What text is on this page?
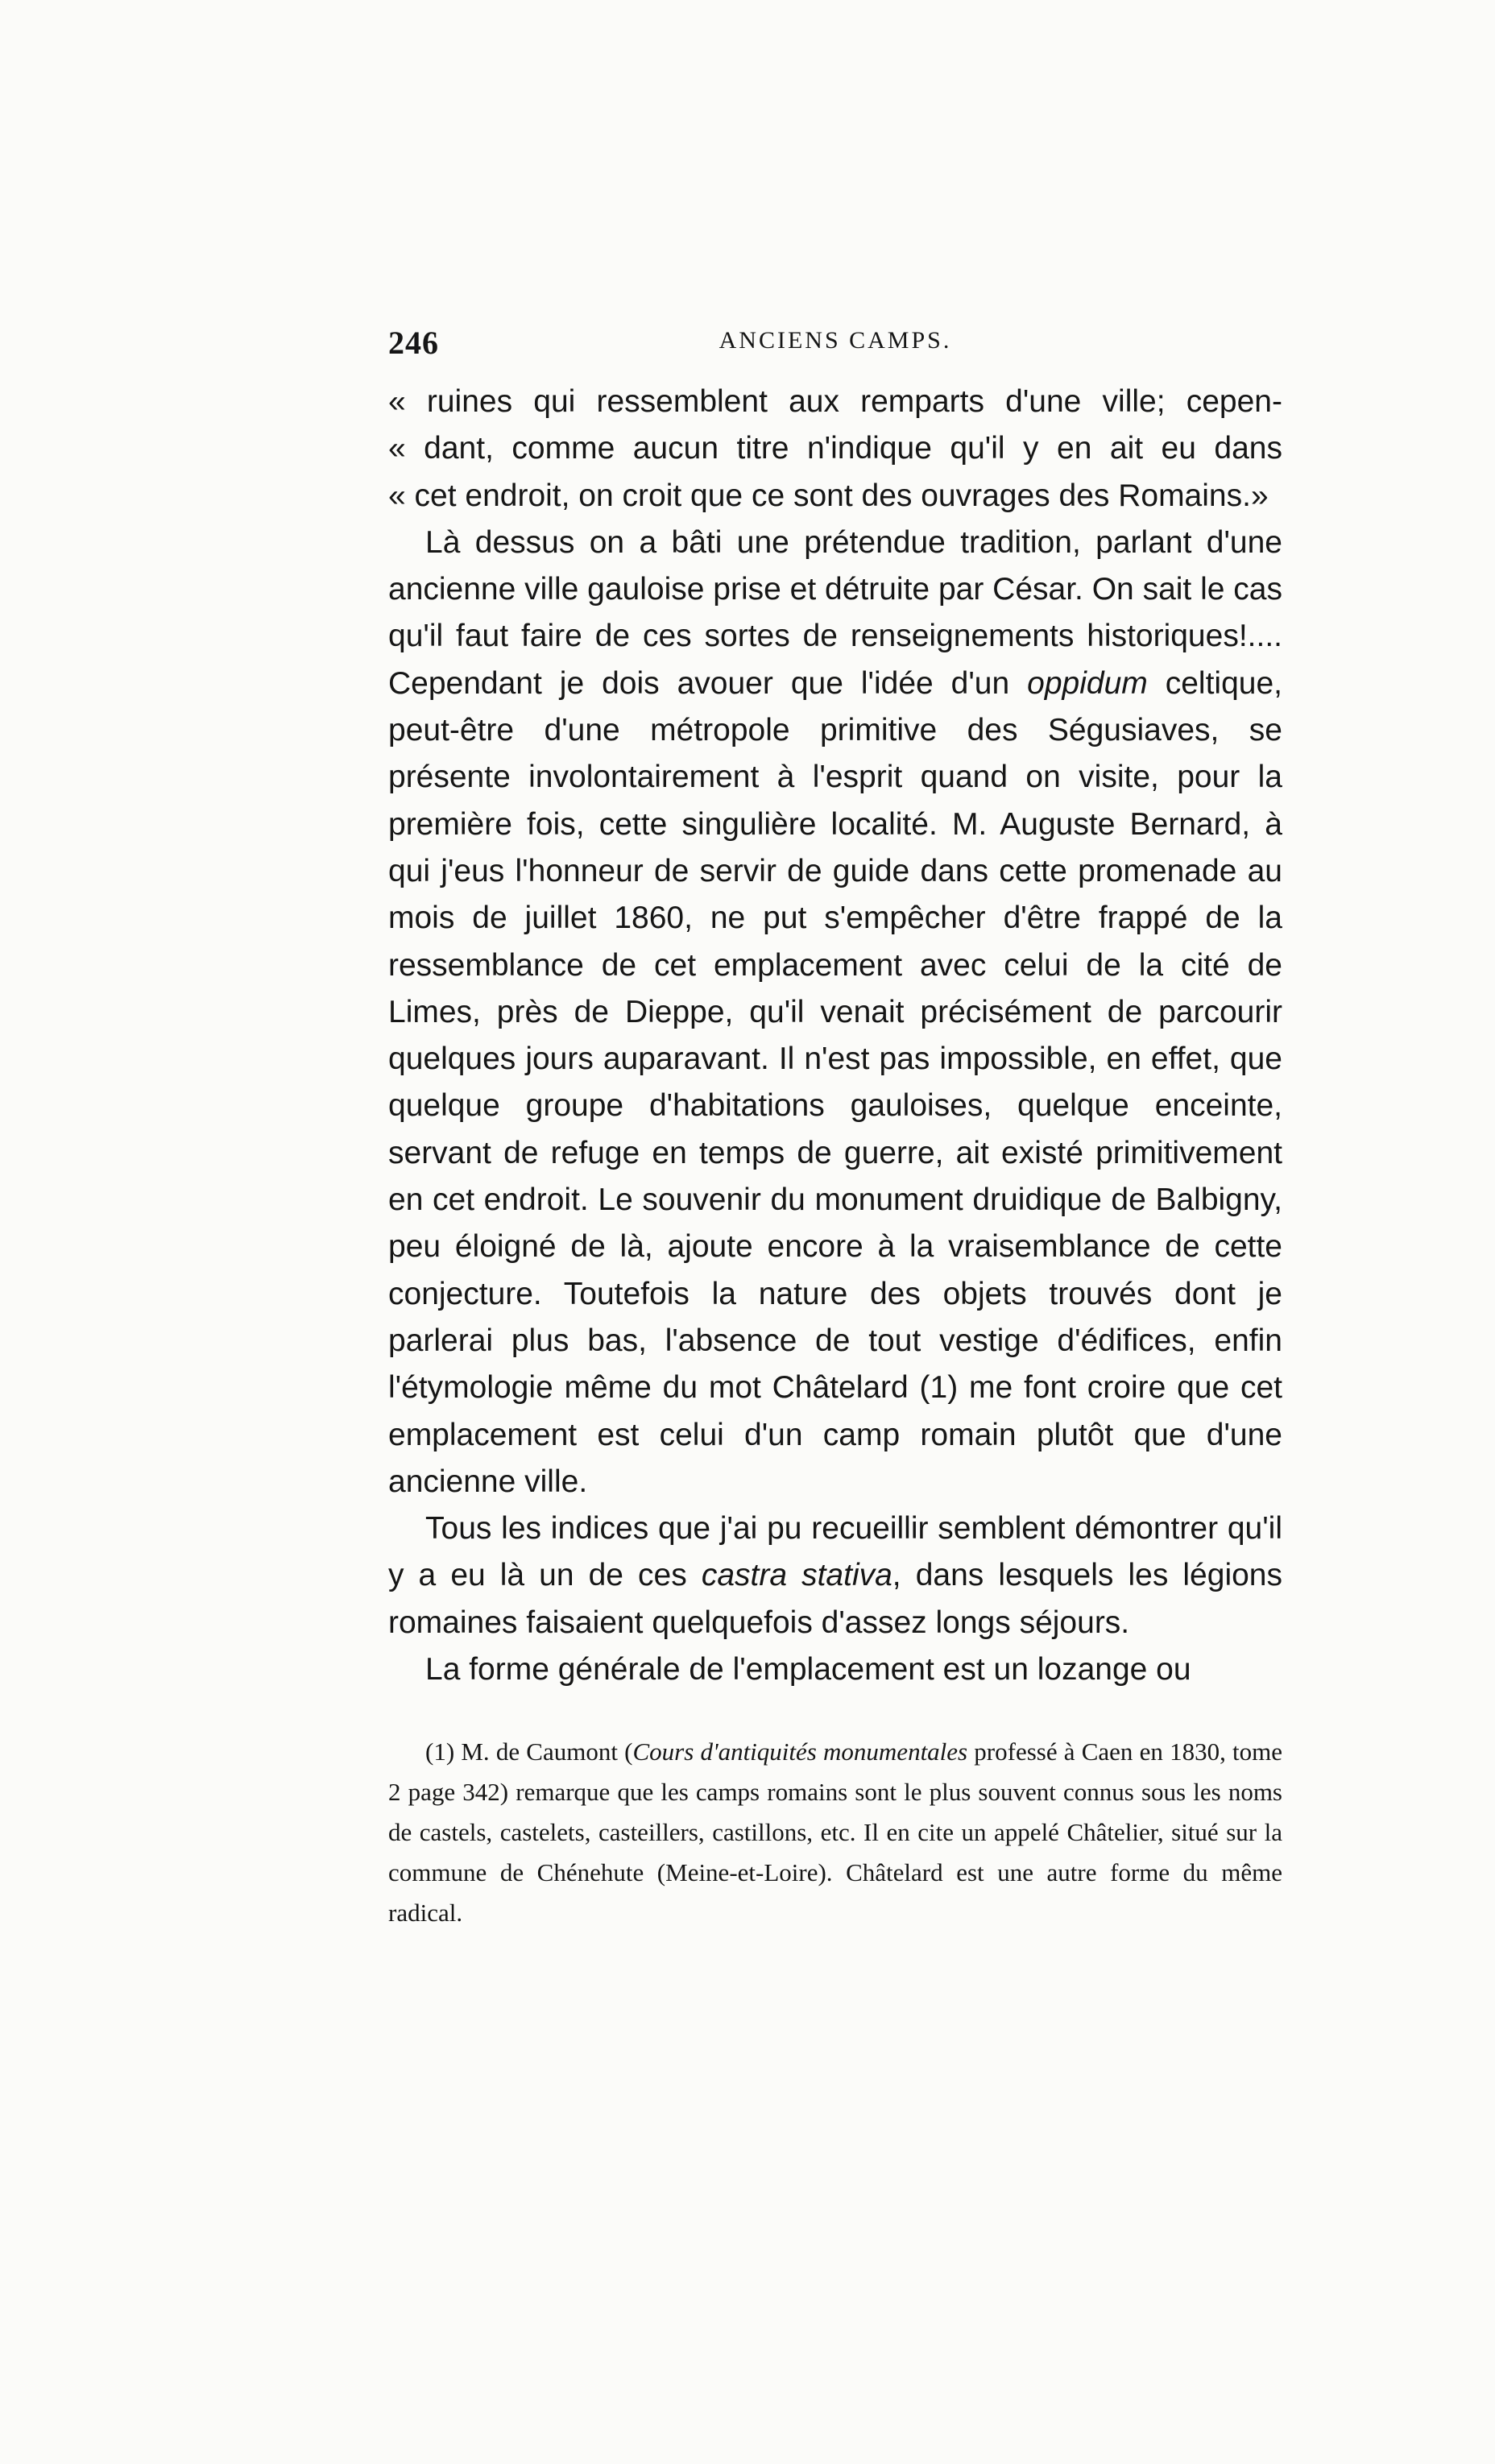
246	ANCIENS CAMPS.

« ruines qui ressemblent aux remparts d'une ville; cepen-
« dant, comme aucun titre n'indique qu'il y en ait eu dans
« cet endroit, on croit que ce sont des ouvrages des Romains.»

Là dessus on a bâti une prétendue tradition, parlant d'une ancienne ville gauloise prise et détruite par César. On sait le cas qu'il faut faire de ces sortes de renseignements historiques!.... Cependant je dois avouer que l'idée d'un oppidum celtique, peut-être d'une métropole primitive des Ségusiaves, se présente involontairement à l'esprit quand on visite, pour la première fois, cette singulière localité. M. Auguste Bernard, à qui j'eus l'honneur de servir de guide dans cette promenade au mois de juillet 1860, ne put s'empêcher d'être frappé de la ressemblance de cet emplacement avec celui de la cité de Limes, près de Dieppe, qu'il venait précisément de parcourir quelques jours auparavant. Il n'est pas impossible, en effet, que quelque groupe d'habitations gauloises, quelque enceinte, servant de refuge en temps de guerre, ait existé primitivement en cet endroit. Le souvenir du monument druidique de Balbigny, peu éloigné de là, ajoute encore à la vraisemblance de cette conjecture. Toutefois la nature des objets trouvés dont je parlerai plus bas, l'absence de tout vestige d'édifices, enfin l'étymologie même du mot Châtelard (1) me font croire que cet emplacement est celui d'un camp romain plutôt que d'une ancienne ville.

Tous les indices que j'ai pu recueillir semblent démontrer qu'il y a eu là un de ces castra stativa, dans lesquels les légions romaines faisaient quelquefois d'assez longs séjours.

La forme générale de l'emplacement est un lozange ou

(1) M. de Caumont (Cours d'antiquités monumentales professé à Caen en 1830, tome 2 page 342) remarque que les camps romains sont le plus souvent connus sous les noms de castels, castelets, casteillers, castillons, etc. Il en cite un appelé Châtelier, situé sur la commune de Chénehute (Meine-et-Loire). Châtelard est une autre forme du même radical.
